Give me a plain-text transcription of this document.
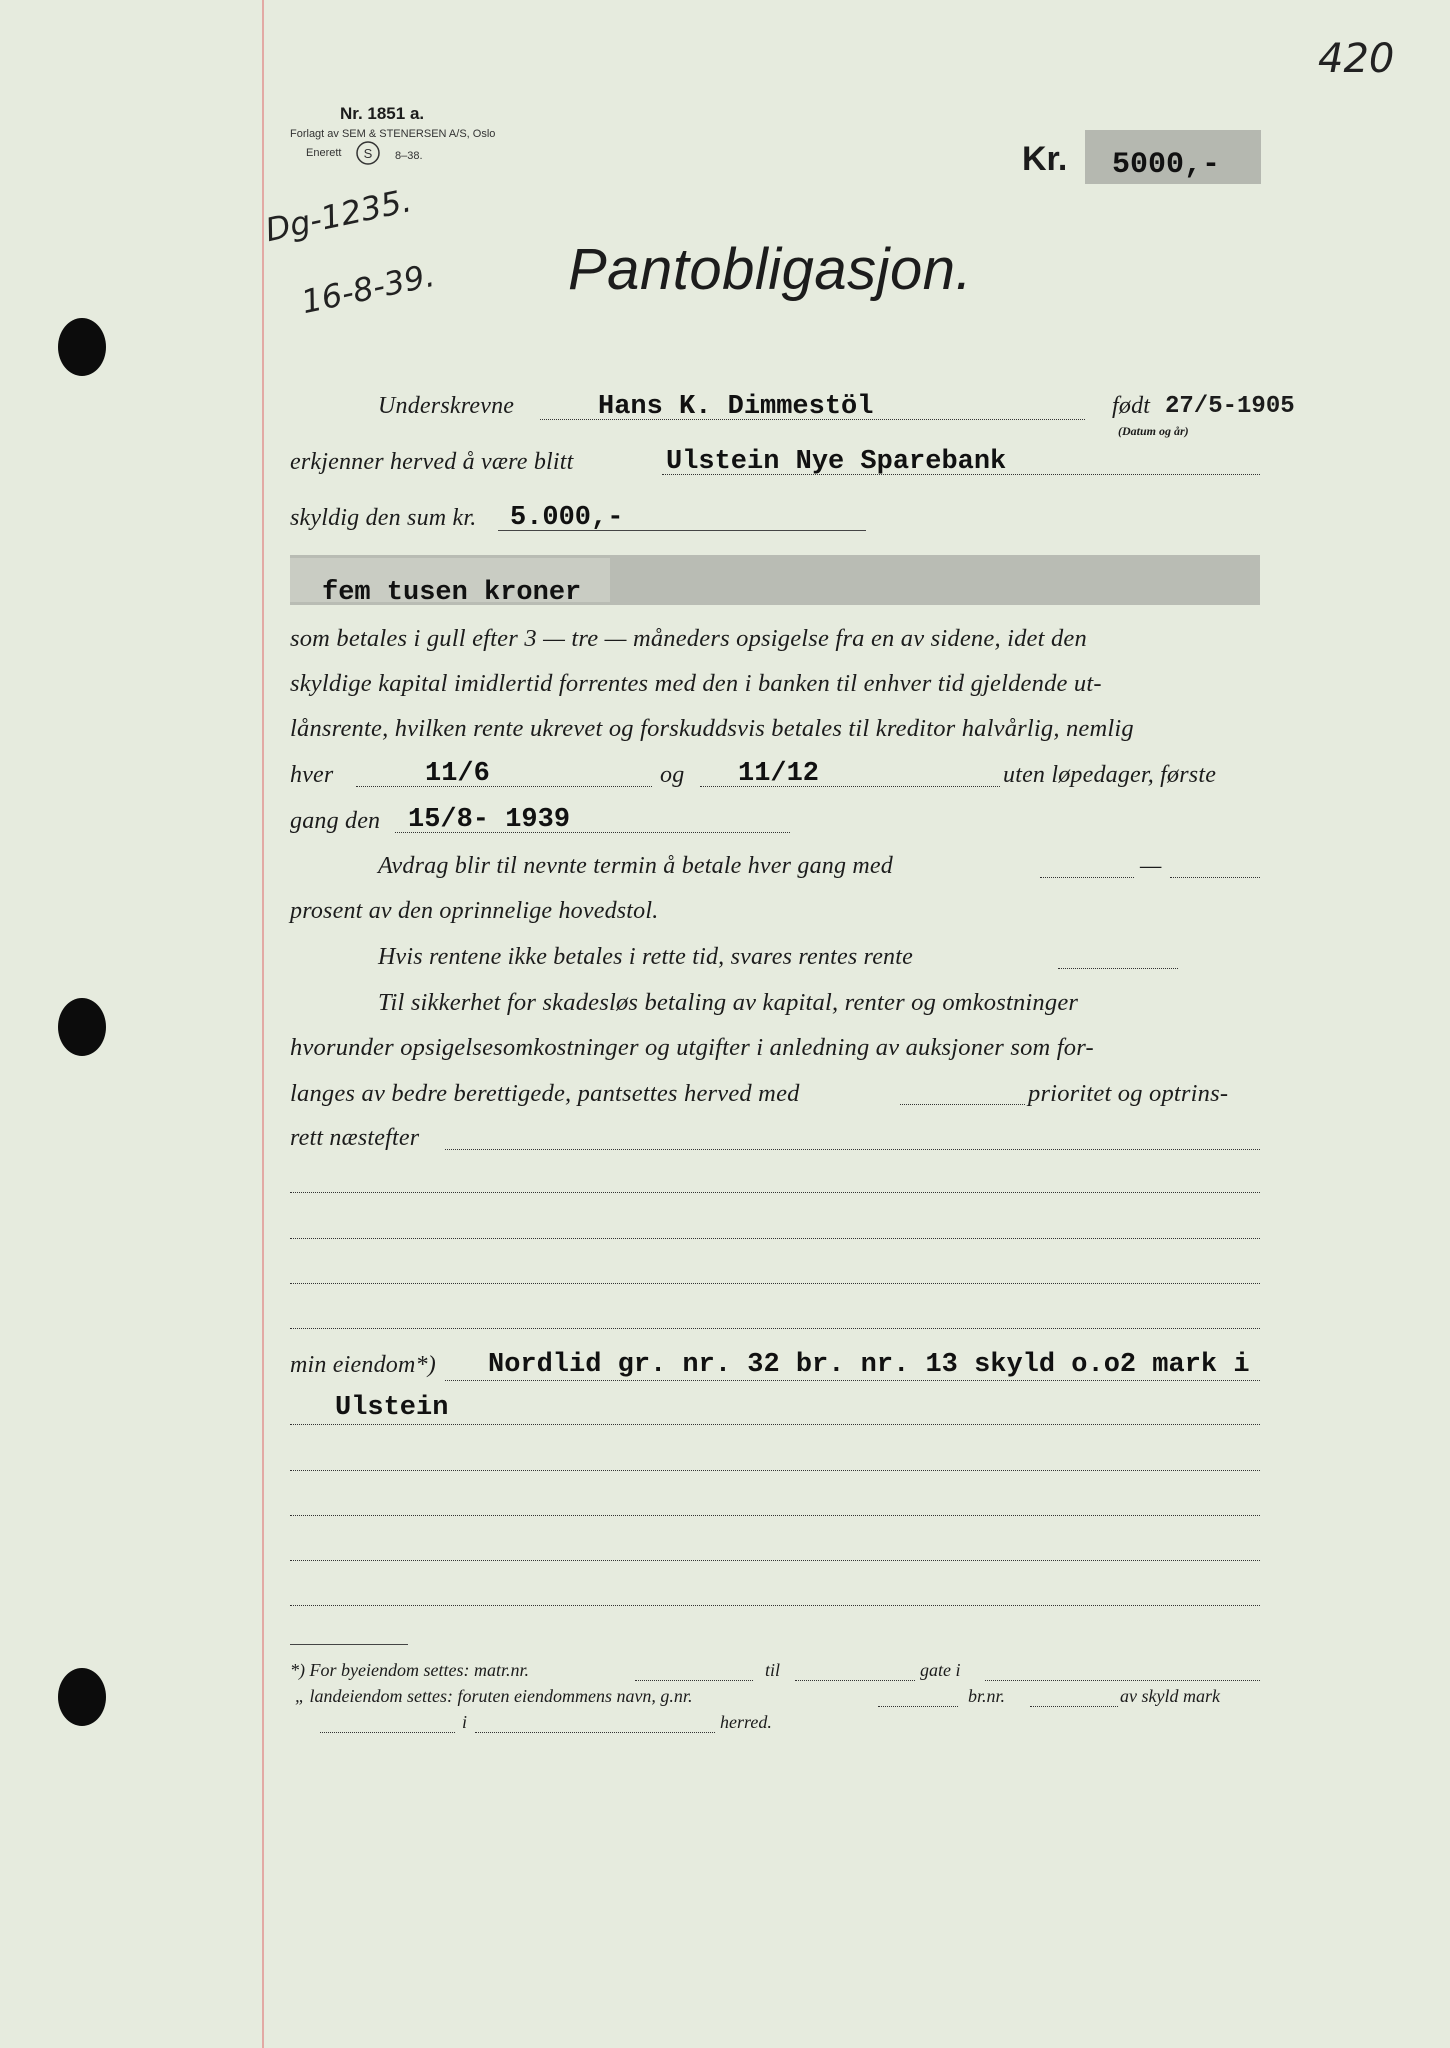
420
Nr. 1851 a.
Forlagt av SEM & STENERSEN A/S, Oslo
Enerett S 8–38.	Kr. 5000,-
Dg-1235.
16-8-39. Pantobligasjon.
Underskrevne	Hans K. Dimmestöl	født 27/5-1905
(Datum og år)
erkjenner herved å være blitt	Ulstein Nye Sparebank
skyldig den sum kr. 5.000,-
fem tusen kroner
som betales i gull efter 3 — tre — måneders opsigelse fra en av sidene, idet den
skyldige kapital imidlertid forrentes med den i banken til enhver tid gjeldende ut-
lånsrente, hvilken rente ukrevet og forskuddsvis betales til kreditor halvårlig, nemlig
hver	11/6	og 11/12	uten løpedager, første
gang den 15/8- 1939
Avdrag blir til nevnte termin å betale hver gang med	—
prosent av den oprinnelige hovedstol.
Hvis rentene ikke betales i rette tid, svares rentes rente
Til sikkerhet for skadesløs betaling av kapital, renter og omkostninger
hvorunder opsigelsesomkostninger og utgifter i anledning av auksjoner som for-
langes av bedre berettigede, pantsettes herved med	prioritet og optrins-
rett næstefter
min eiendom*) Nordlid gr. nr. 32 br. nr. 13 skyld o.o2 mark i
Ulstein
*) For byeiendom settes: matr.nr.	til	gate i
„ landeiendom settes: foruten eiendommens navn, g.nr.	br.nr.	av skyld mark
i	herred.
